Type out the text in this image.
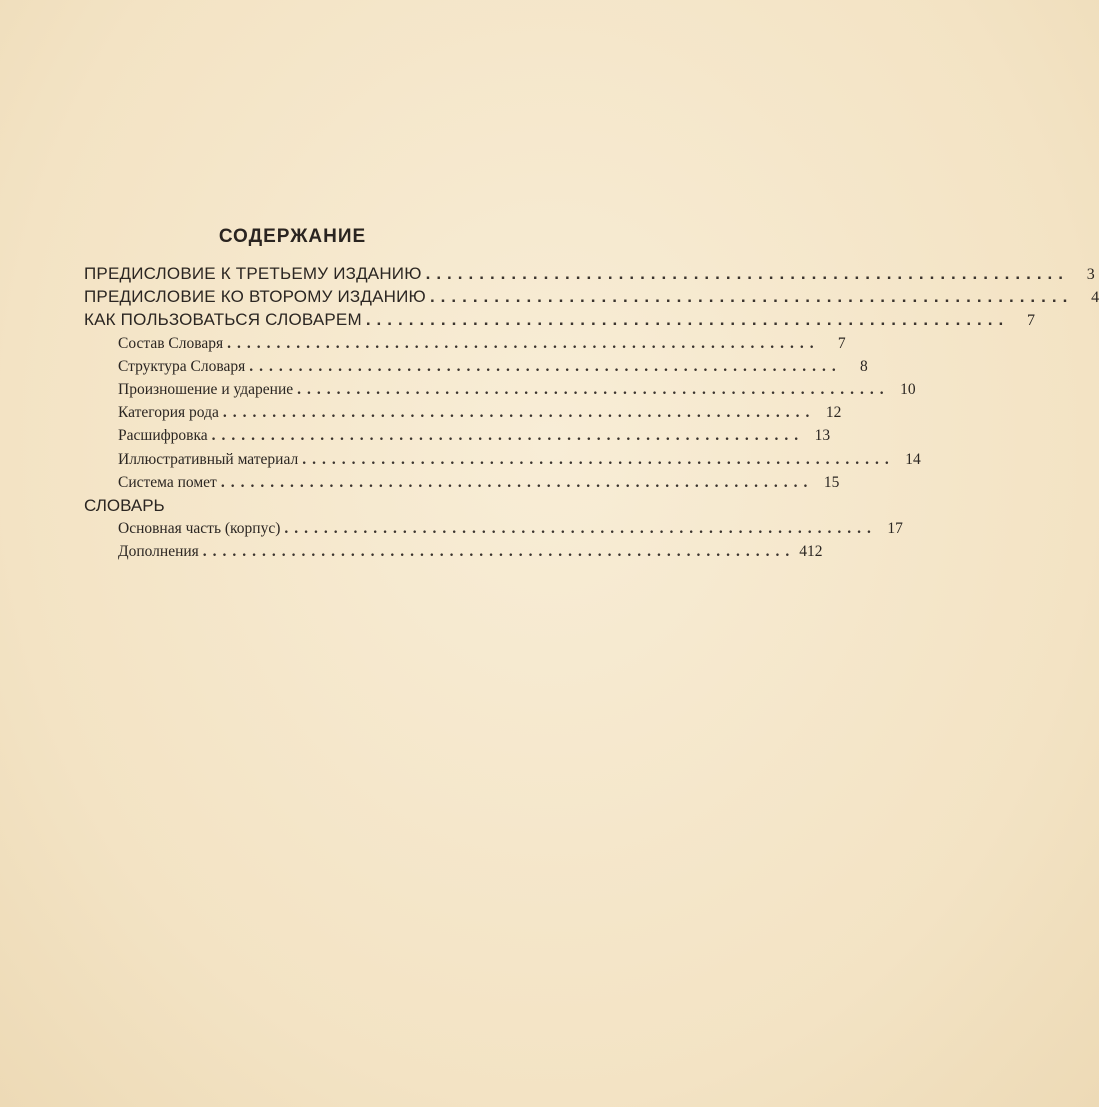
СОДЕРЖАНИЕ
ПРЕДИСЛОВИЕ К ТРЕТЬЕМУ ИЗДАНИЮ ............................................................	3
ПРЕДИСЛОВИЕ КО ВТОРОМУ ИЗДАНИЮ ............................................................	4
КАК ПОЛЬЗОВАТЬСЯ СЛОВАРЕМ ............................................................	7
Состав Словаря ............................................................	7
Структура Словаря ............................................................	8
Произношение и ударение ............................................................ 10
Категория рода ............................................................ 12
Расшифровка ............................................................ 13
Иллюстративный материал ............................................................ 14
Система помет ............................................................ 15
СЛОВАРЬ
Основная часть (корпус) ............................................................ 17
Дополнения ............................................................ 412
